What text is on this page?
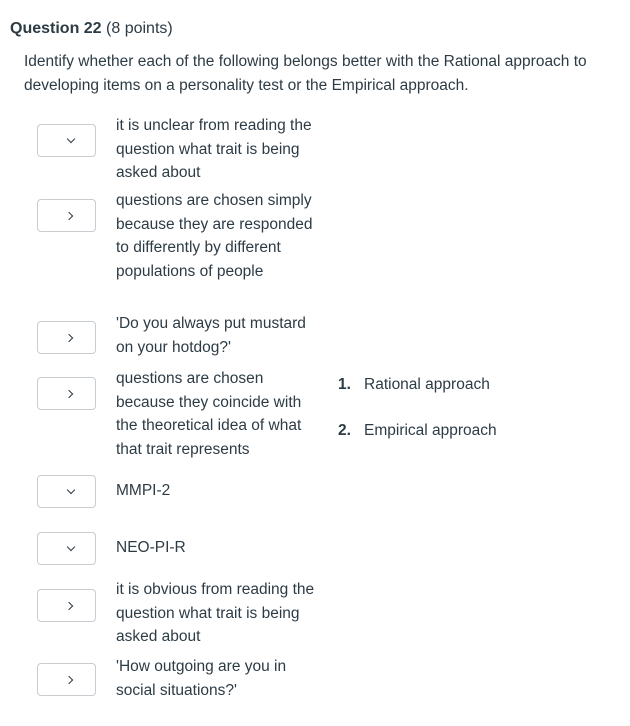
Question 22 (8 points)
Identify whether each of the following belongs better with the Rational approach to developing items on a personality test or the Empirical approach.
it is unclear from reading the question what trait is being asked about
questions are chosen simply because they are responded to differently by different populations of people
'Do you always put mustard on your hotdog?'
questions are chosen because they coincide with the theoretical idea of what that trait represents
MMPI-2
NEO-PI-R
it is obvious from reading the question what trait is being asked about
'How outgoing are you in social situations?'
1. Rational approach
2. Empirical approach
